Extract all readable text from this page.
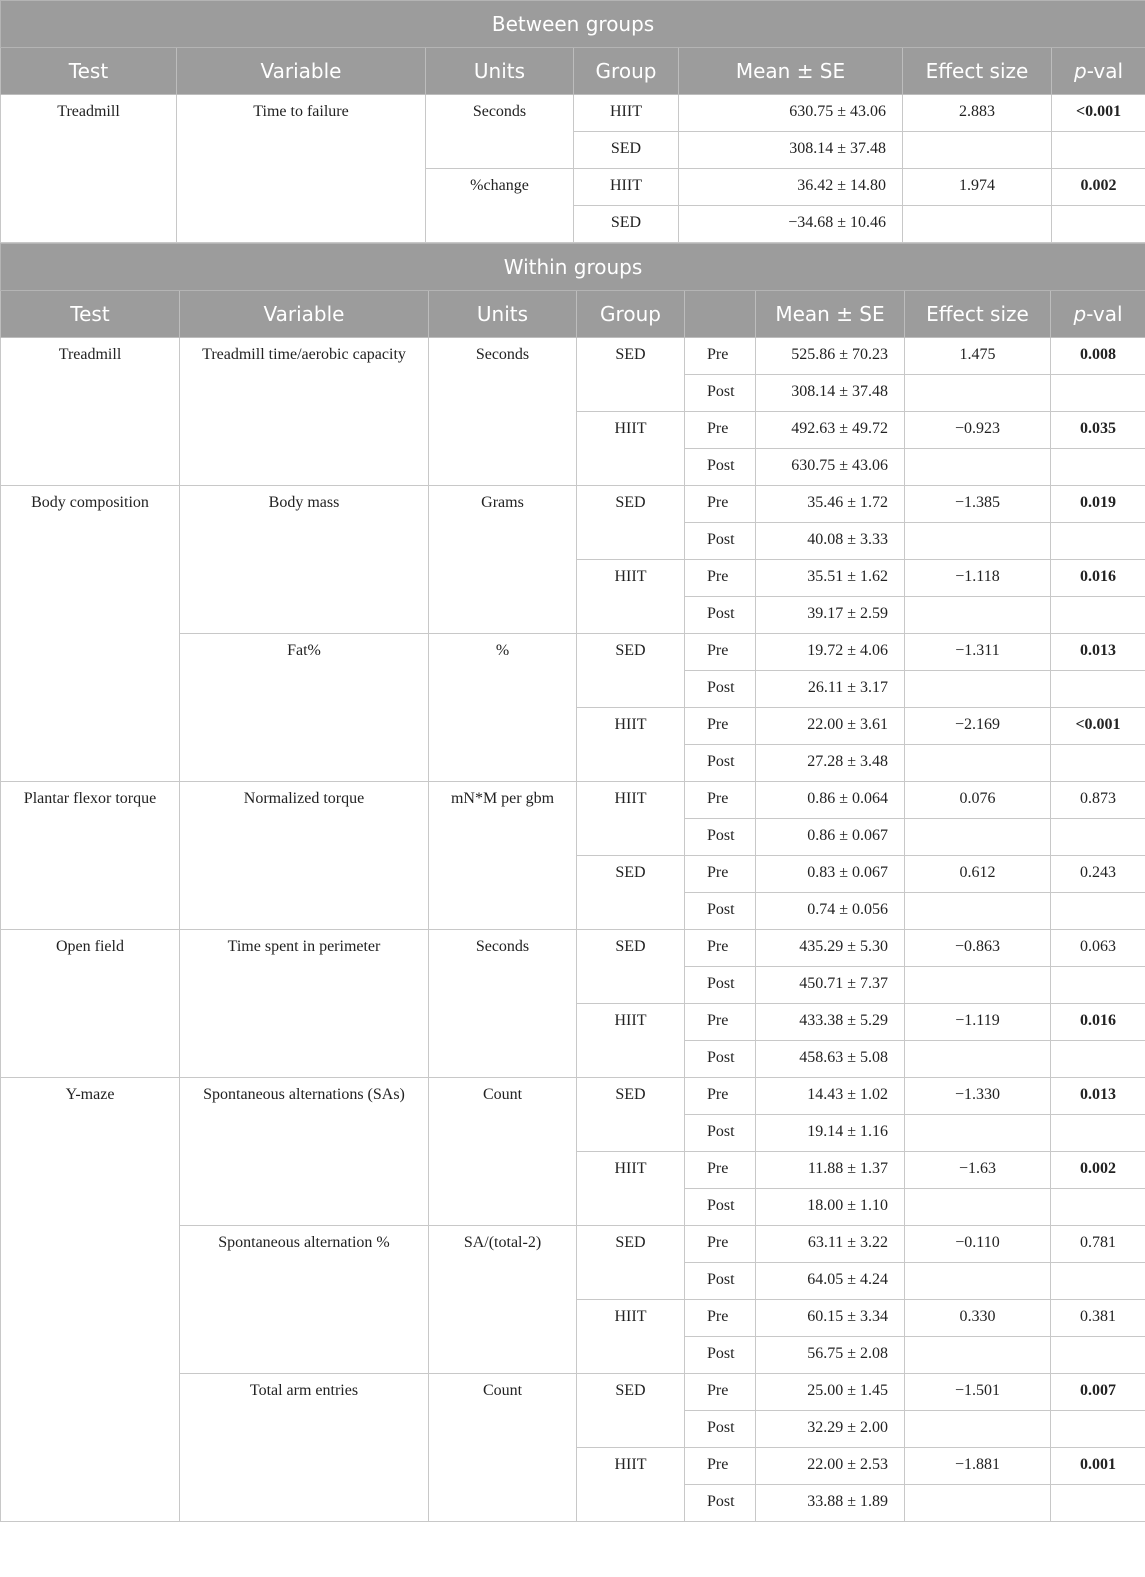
Between groups						
Test	Variable	Units	Group	Mean ± SE	Effect size	p-val
Treadmill	Time to failure	Seconds	HIIT	630.75 ± 43.06	2.883	<0.001
			SED	308.14 ± 37.48		
		%change	HIIT	36.42 ± 14.80	1.974	0.002
			SED	−34.68 ± 10.46		
Within groups							
Test	Variable	Units	Group		Mean ± SE	Effect size	p-val
Treadmill	Treadmill time/aerobic capacity	Seconds	SED	Pre	525.86 ± 70.23	1.475	0.008
				Post	308.14 ± 37.48		
			HIIT	Pre	492.63 ± 49.72	−0.923	0.035
				Post	630.75 ± 43.06		
Body composition	Body mass	Grams	SED	Pre	35.46 ± 1.72	−1.385	0.019
				Post	40.08 ± 3.33		
			HIIT	Pre	35.51 ± 1.62	−1.118	0.016
				Post	39.17 ± 2.59		
	Fat%	%	SED	Pre	19.72 ± 4.06	−1.311	0.013
				Post	26.11 ± 3.17		
			HIIT	Pre	22.00 ± 3.61	−2.169	<0.001
				Post	27.28 ± 3.48		
Plantar flexor torque	Normalized torque	mN*M per gbm	HIIT	Pre	0.86 ± 0.064	0.076	0.873
				Post	0.86 ± 0.067		
			SED	Pre	0.83 ± 0.067	0.612	0.243
				Post	0.74 ± 0.056		
Open field	Time spent in perimeter	Seconds	SED	Pre	435.29 ± 5.30	−0.863	0.063
				Post	450.71 ± 7.37		
			HIIT	Pre	433.38 ± 5.29	−1.119	0.016
				Post	458.63 ± 5.08		
Y-maze	Spontaneous alternations (SAs)	Count	SED	Pre	14.43 ± 1.02	−1.330	0.013
				Post	19.14 ± 1.16		
			HIIT	Pre	11.88 ± 1.37	−1.63	0.002
				Post	18.00 ± 1.10		
	Spontaneous alternation %	SA/(total-2)	SED	Pre	63.11 ± 3.22	−0.110	0.781
				Post	64.05 ± 4.24		
			HIIT	Pre	60.15 ± 3.34	0.330	0.381
				Post	56.75 ± 2.08		
	Total arm entries	Count	SED	Pre	25.00 ± 1.45	−1.501	0.007
				Post	32.29 ± 2.00		
			HIIT	Pre	22.00 ± 2.53	−1.881	0.001
				Post	33.88 ± 1.89		
